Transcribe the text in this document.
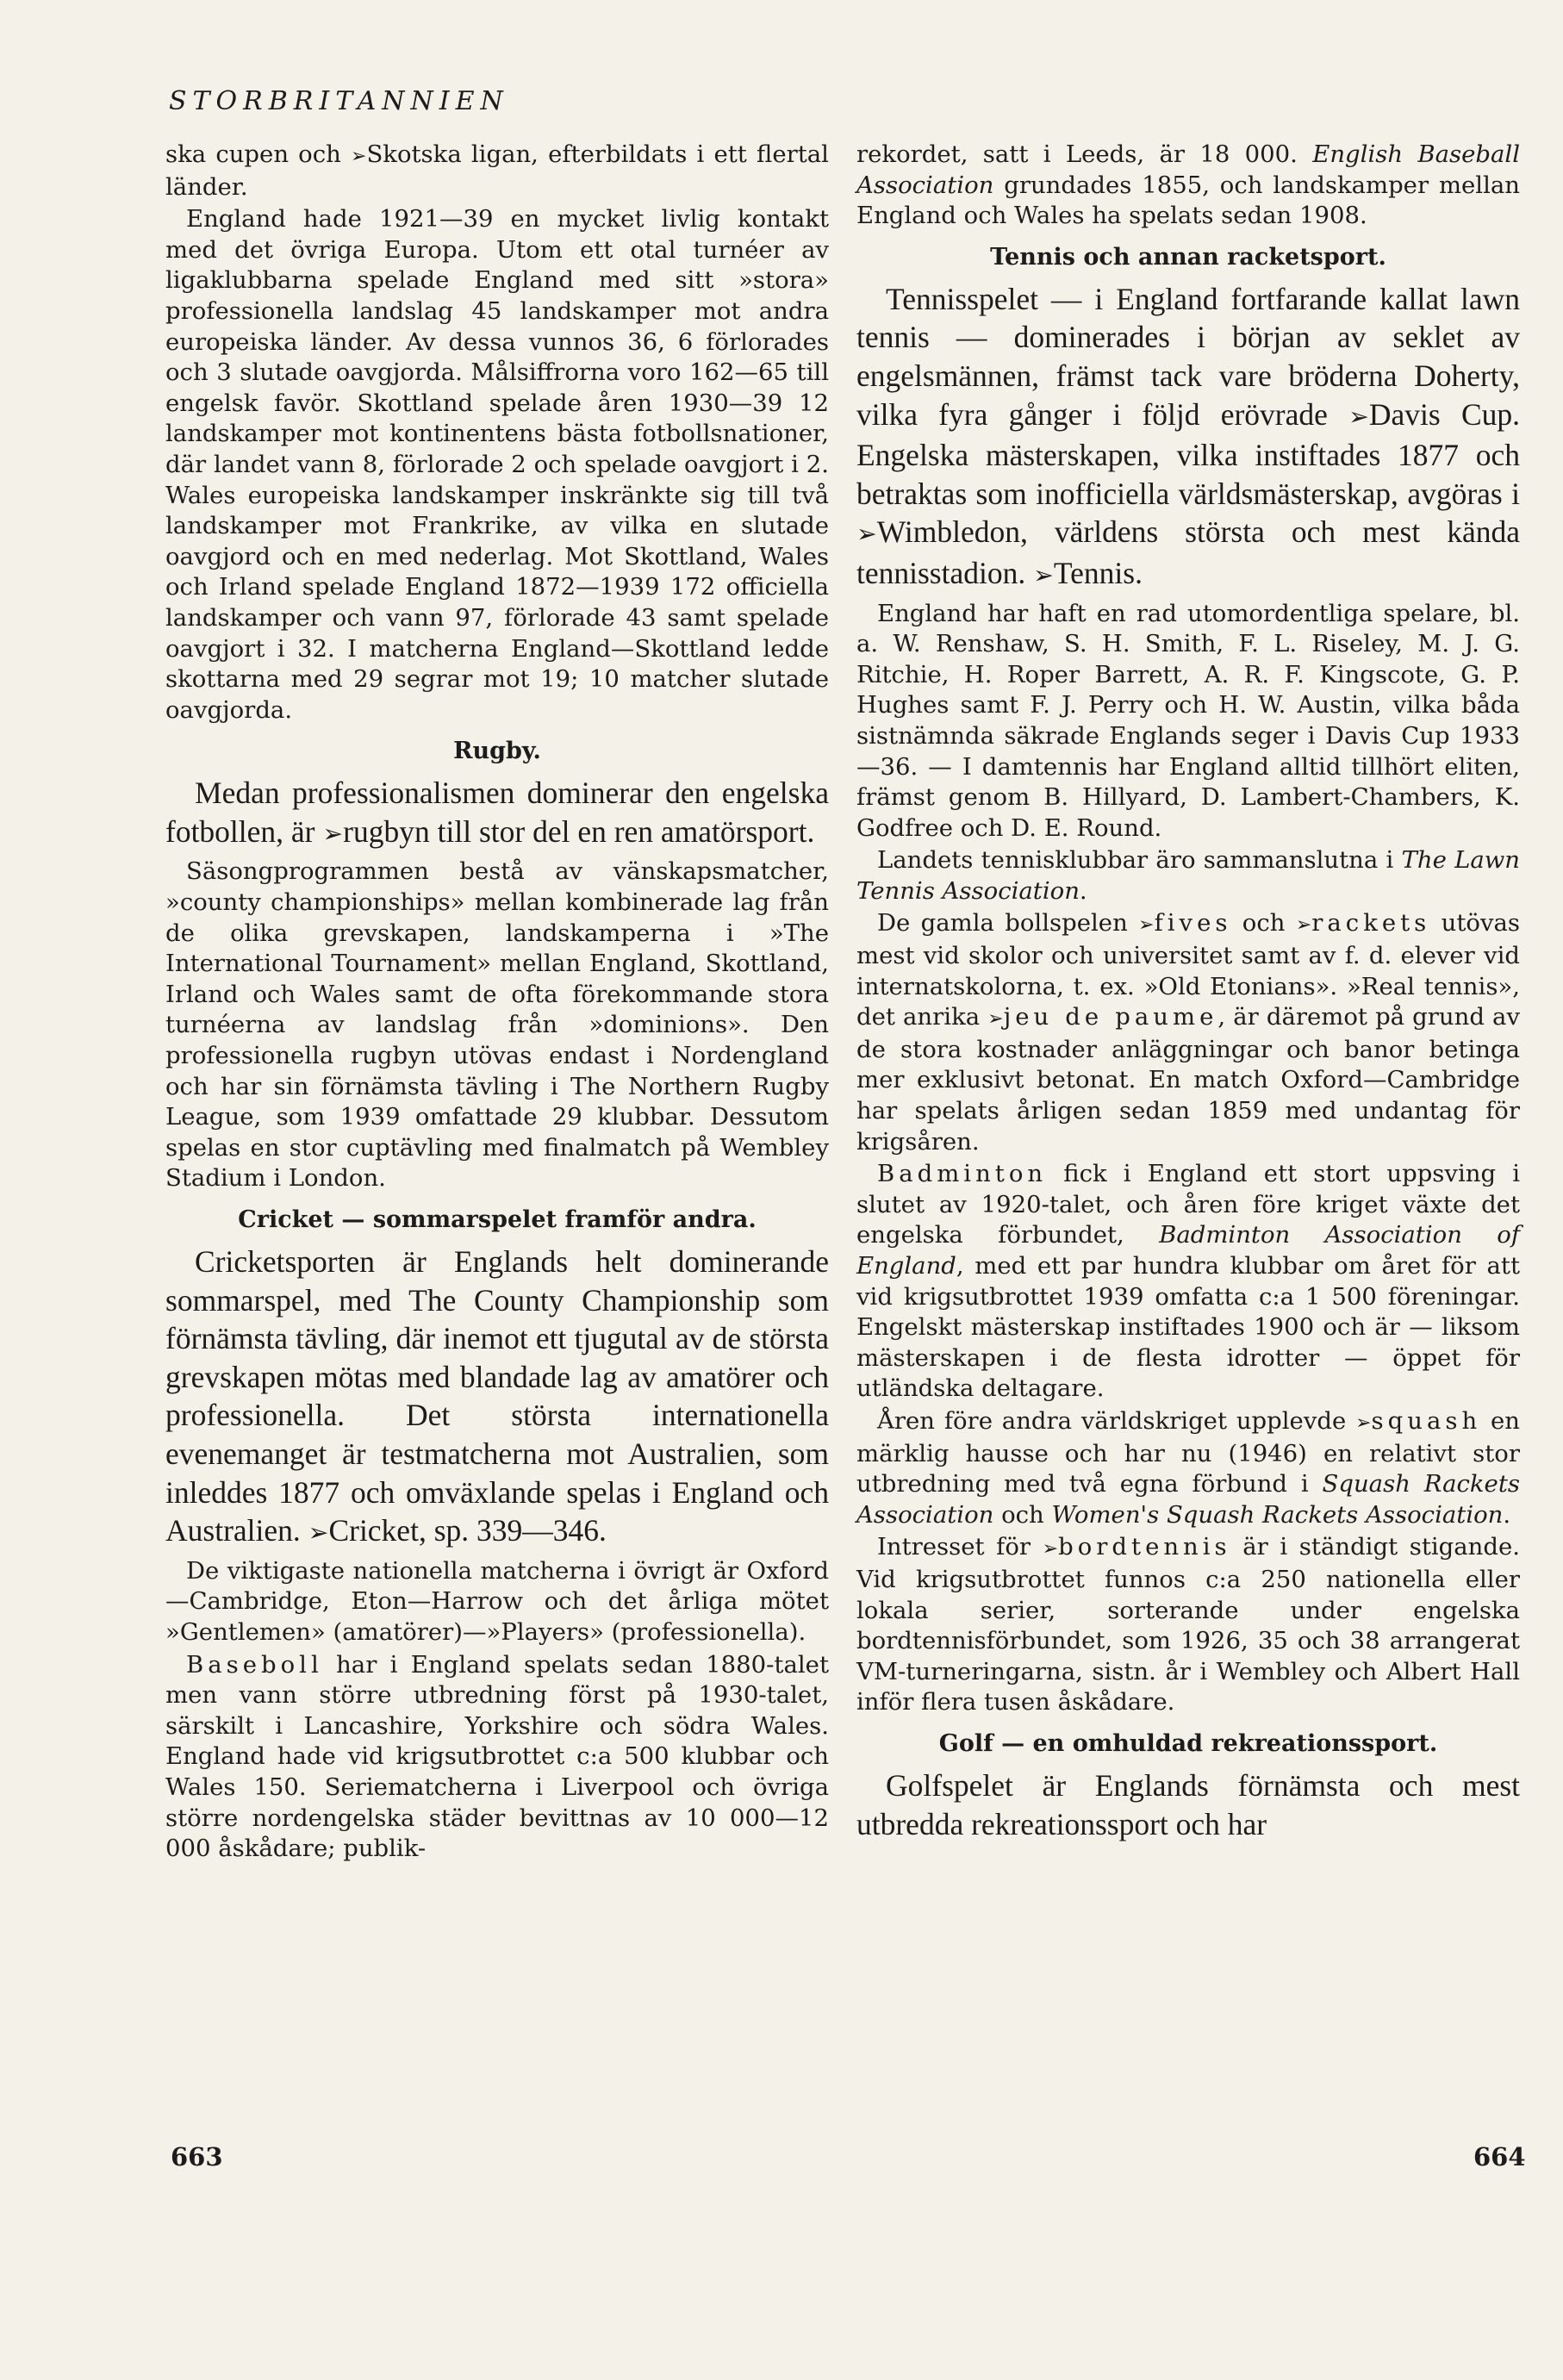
STORBRITANNIEN

ska cupen och ➢Skotska ligan, efterbildats i ett flertal länder.

England hade 1921—39 en mycket livlig kontakt med det övriga Europa. Utom ett otal turnéer av ligaklubbarna spelade England med sitt »stora» professionella landslag 45 landskamper mot andra europeiska länder. Av dessa vunnos 36, 6 förlorades och 3 slutade oavgjorda. Målsiffrorna voro 162—65 till engelsk favör. Skottland spelade åren 1930—39 12 landskamper mot kontinentens bästa fotbollsnationer, där landet vann 8, förlorade 2 och spelade oavgjort i 2. Wales europeiska landskamper inskränkte sig till två landskamper mot Frankrike, av vilka en slutade oavgjord och en med nederlag. Mot Skottland, Wales och Irland spelade England 1872—1939 172 officiella landskamper och vann 97, förlorade 43 samt spelade oavgjort i 32. I matcherna England—Skottland ledde skottarna med 29 segrar mot 19; 10 matcher slutade oavgjorda.

Rugby.

Medan professionalismen dominerar den engelska fotbollen, är ➢rugbyn till stor del en ren amatörsport.

Säsongprogrammen bestå av vänskapsmatcher, »county championships» mellan kombinerade lag från de olika grevskapen, landskamperna i »The International Tournament» mellan England, Skottland, Irland och Wales samt de ofta förekommande stora turnéerna av landslag från »dominions». Den professionella rugbyn utövas endast i Nordengland och har sin förnämsta tävling i The Northern Rugby League, som 1939 omfattade 29 klubbar. Dessutom spelas en stor cuptävling med finalmatch på Wembley Stadium i London.

Cricket — sommarspelet framför andra.

Cricketsporten är Englands helt dominerande sommarspel, med The County Championship som förnämsta tävling, där inemot ett tjugutal av de största grevskapen mötas med blandade lag av amatörer och professionella. Det största internationella evenemanget är testmatcherna mot Australien, som inleddes 1877 och omväxlande spelas i England och Australien. ➢Cricket, sp. 339—346.

De viktigaste nationella matcherna i övrigt är Oxford—Cambridge, Eton—Harrow och det årliga mötet »Gentlemen» (amatörer)—»Players» (professionella).

Baseboll har i England spelats sedan 1880-talet men vann större utbredning först på 1930-talet, särskilt i Lancashire, Yorkshire och södra Wales. England hade vid krigsutbrottet c:a 500 klubbar och Wales 150. Seriematcherna i Liverpool och övriga större nordengelska städer bevittnas av 10 000—12 000 åskådare; publik-

rekordet, satt i Leeds, är 18 000. English Baseball Association grundades 1855, och landskamper mellan England och Wales ha spelats sedan 1908.

Tennis och annan racketsport.

Tennisspelet — i England fortfarande kallat lawn tennis — dominerades i början av seklet av engelsmännen, främst tack vare bröderna Doherty, vilka fyra gånger i följd erövrade ➢Davis Cup. Engelska mästerskapen, vilka instiftades 1877 och betraktas som inofficiella världsmästerskap, avgöras i ➢Wimbledon, världens största och mest kända tennisstadion. ➢Tennis.

England har haft en rad utomordentliga spelare, bl. a. W. Renshaw, S. H. Smith, F. L. Riseley, M. J. G. Ritchie, H. Roper Barrett, A. R. F. Kingscote, G. P. Hughes samt F. J. Perry och H. W. Austin, vilka båda sistnämnda säkrade Englands seger i Davis Cup 1933—36. — I damtennis har England alltid tillhört eliten, främst genom B. Hillyard, D. Lambert-Chambers, K. Godfree och D. E. Round.

Landets tennisklubbar äro sammanslutna i The Lawn Tennis Association.

De gamla bollspelen ➢fives och ➢rackets utövas mest vid skolor och universitet samt av f. d. elever vid internatskolorna, t. ex. »Old Etonians». »Real tennis», det anrika ➢jeu de paume, är däremot på grund av de stora kostnader anläggningar och banor betinga mer exklusivt betonat. En match Oxford—Cambridge har spelats årligen sedan 1859 med undantag för krigsåren.

Badminton fick i England ett stort uppsving i slutet av 1920-talet, och åren före kriget växte det engelska förbundet, Badminton Association of England, med ett par hundra klubbar om året för att vid krigsutbrottet 1939 omfatta c:a 1 500 föreningar. Engelskt mästerskap instiftades 1900 och är — liksom mästerskapen i de flesta idrotter — öppet för utländska deltagare.

Åren före andra världskriget upplevde ➢squash en märklig hausse och har nu (1946) en relativt stor utbredning med två egna förbund i Squash Rackets Association och Women's Squash Rackets Association.

Intresset för ➢bordtennis är i ständigt stigande. Vid krigsutbrottet funnos c:a 250 nationella eller lokala serier, sorterande under engelska bordtennisförbundet, som 1926, 35 och 38 arrangerat VM-turneringarna, sistn. år i Wembley och Albert Hall inför flera tusen åskådare.

Golf — en omhuldad rekreationssport.

Golfspelet är Englands förnämsta och mest utbredda rekreationssport och har

663	664
